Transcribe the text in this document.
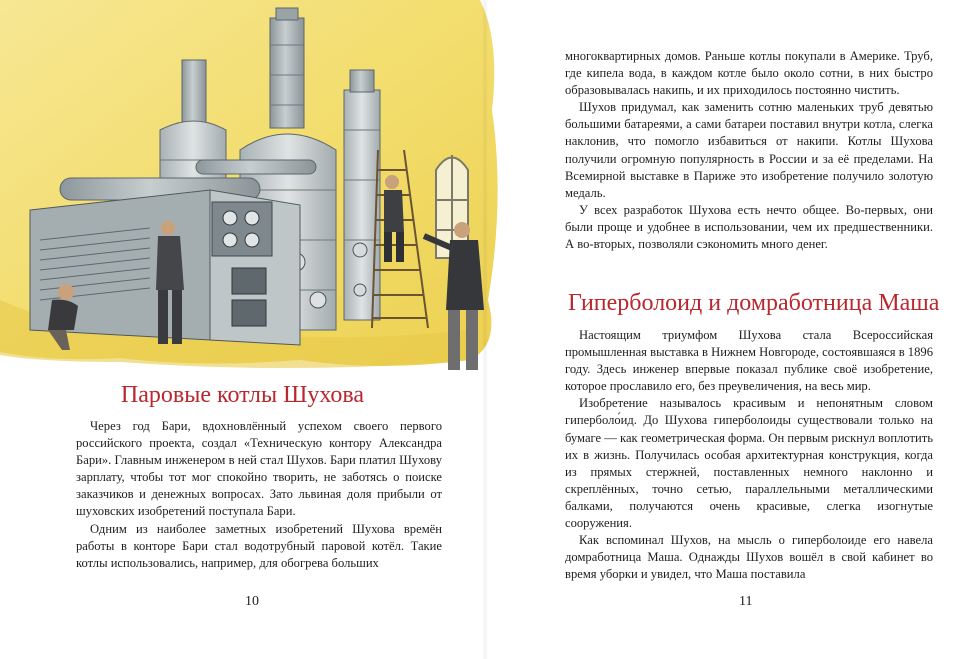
Паровые котлы Шухова

Через год Бари, вдохновлённый успехом своего первого российского проекта, создал «Техническую контору Александра Бари». Главным инженером в ней стал Шухов. Бари платил Шухову зарплату, чтобы тот мог спокойно творить, не заботясь о поиске заказчиков и денежных вопросах. Зато львиная доля прибыли от шуховских изобретений поступала Бари.

Одним из наиболее заметных изобретений Шухова времён работы в конторе Бари стал водотрубный паровой котёл. Такие котлы использовались, например, для обогрева больших

10

многоквартирных домов. Раньше котлы покупали в Америке. Труб, где кипела вода, в каждом котле было около сотни, в них быстро образовывалась накипь, и их приходилось постоянно чистить.

Шухов придумал, как заменить сотню маленьких труб девятью большими батареями, а сами батареи поставил внутри котла, слегка наклонив, что помогло избавиться от накипи. Котлы Шухова получили огромную популярность в России и за её пределами. На Всемирной выставке в Париже это изобретение получило золотую медаль.

У всех разработок Шухова есть нечто общее. Во-первых, они были проще и удобнее в использовании, чем их предшественники. А во-вторых, позволяли сэкономить много денег.

Гиперболоид и домработница Маша

Настоящим триумфом Шухова стала Всероссийская промышленная выставка в Нижнем Новгороде, состоявшаяся в 1896 году. Здесь инженер впервые показал публике своё изобретение, которое прославило его, без преувеличения, на весь мир.

Изобретение называлось красивым и непонятным словом гиперболо́ид. До Шухова гиперболоиды существовали только на бумаге — как геометрическая форма. Он первым рискнул воплотить их в жизнь. Получилась особая архитектурная конструкция, когда из прямых стержней, поставленных немного наклонно и скреплённых, точно сетью, параллельными металлическими балками, получаются очень красивые, слегка изогнутые сооружения.

Как вспоминал Шухов, на мысль о гиперболоиде его навела домработница Маша. Однажды Шухов вошёл в свой кабинет во время уборки и увидел, что Маша поставила

11
